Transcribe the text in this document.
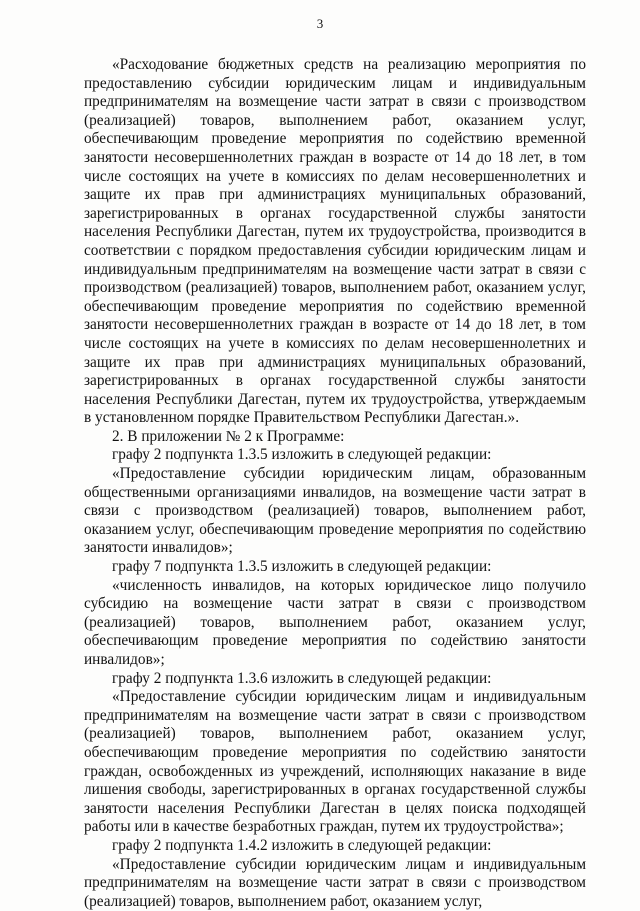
3

«Расходование бюджетных средств на реализацию мероприятия по предоставлению субсидии юридическим лицам и индивидуальным предпринимателям на возмещение части затрат в связи с производством (реализацией) товаров, выполнением работ, оказанием услуг, обеспечивающим проведение мероприятия по содействию временной занятости несовершеннолетних граждан в возрасте от 14 до 18 лет, в том числе состоящих на учете в комиссиях по делам несовершеннолетних и защите их прав при администрациях муниципальных образований, зарегистрированных в органах государственной службы занятости населения Республики Дагестан, путем их трудоустройства, производится в соответствии с порядком предоставления субсидии юридическим лицам и индивидуальным предпринимателям на возмещение части затрат в связи с производством (реализацией) товаров, выполнением работ, оказанием услуг, обеспечивающим проведение мероприятия по содействию временной занятости несовершеннолетних граждан в возрасте от 14 до 18 лет, в том числе состоящих на учете в комиссиях по делам несовершеннолетних и защите их прав при администрациях муниципальных образований, зарегистрированных в органах государственной службы занятости населения Республики Дагестан, путем их трудоустройства, утверждаемым в установленном порядке Правительством Республики Дагестан.».

2. В приложении № 2 к Программе:

графу 2 подпункта 1.3.5 изложить в следующей редакции:

«Предоставление субсидии юридическим лицам, образованным общественными организациями инвалидов, на возмещение части затрат в связи с производством (реализацией) товаров, выполнением работ, оказанием услуг, обеспечивающим проведение мероприятия по содействию занятости инвалидов»;

графу 7 подпункта 1.3.5 изложить в следующей редакции:

«численность инвалидов, на которых юридическое лицо получило субсидию на возмещение части затрат в связи с производством (реализацией) товаров, выполнением работ, оказанием услуг, обеспечивающим проведение мероприятия по содействию занятости инвалидов»;

графу 2 подпункта 1.3.6 изложить в следующей редакции:

«Предоставление субсидии юридическим лицам и индивидуальным предпринимателям на возмещение части затрат в связи с производством (реализацией) товаров, выполнением работ, оказанием услуг, обеспечивающим проведение мероприятия по содействию занятости граждан, освобожденных из учреждений, исполняющих наказание в виде лишения свободы, зарегистрированных в органах государственной службы занятости населения Республики Дагестан в целях поиска подходящей работы или в качестве безработных граждан, путем их трудоустройства»;

графу 2 подпункта 1.4.2 изложить в следующей редакции:

«Предоставление субсидии юридическим лицам и индивидуальным предпринимателям на возмещение части затрат в связи с производством (реализацией) товаров, выполнением работ, оказанием услуг,
